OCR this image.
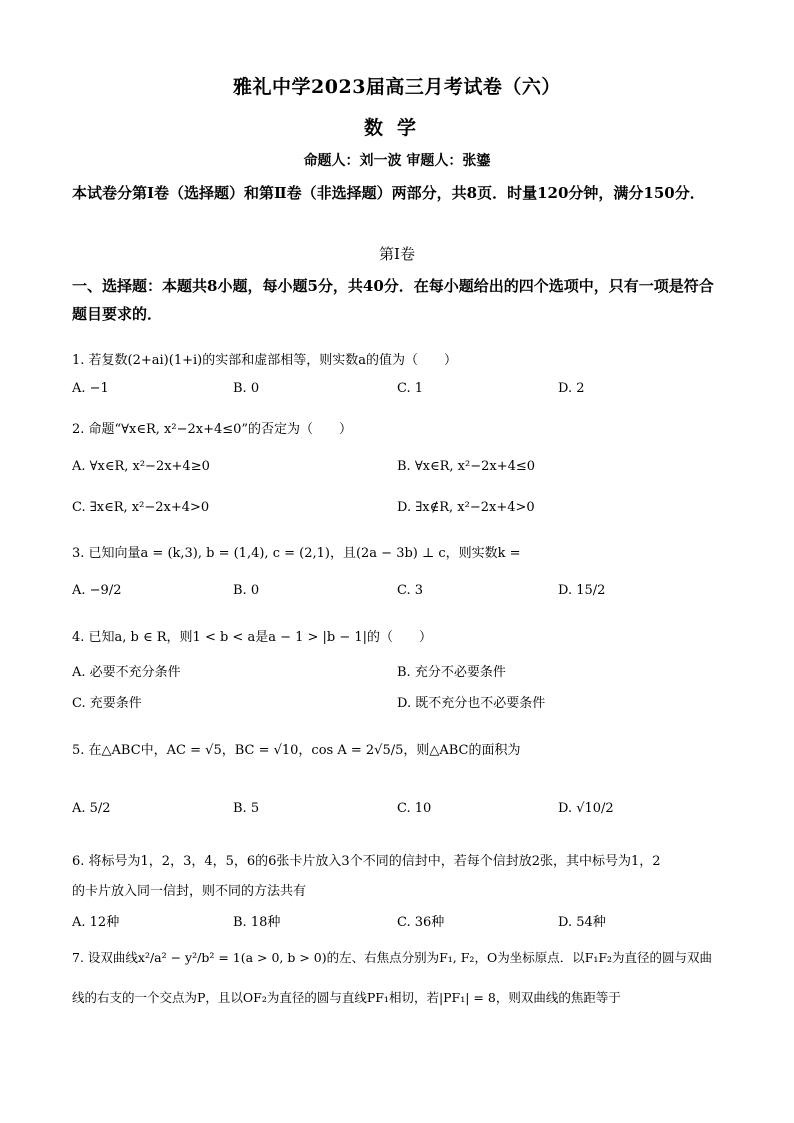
雅礼中学2023届高三月考试卷（六）
数学
命题人：刘一波 审题人：张鎏
本试卷分第Ⅰ卷（选择题）和第Ⅱ卷（非选择题）两部分，共8页．时量120分钟，满分150分．
第Ⅰ卷
一、选择题：本题共8小题，每小题5分，共40分．在每小题给出的四个选项中，只有一项是符合题目要求的．
1. 若复数(2+ai)(1+i)的实部和虚部相等，则实数a的值为（　　）
A. −1	B. 0	C. 1	D. 2
2. 命题“∀x∈R, x²−2x+4≤0”的否定为（　　）
A. ∀x∈R, x²−2x+4≥0	B. ∀x∈R, x²−2x+4≤0
C. ∃x∈R, x²−2x+4>0	D. ∃x∉R, x²−2x+4>0
3. 已知向量a = (k,3), b = (1,4), c = (2,1)，且(2a − 3b) ⊥ c，则实数k =
A. −9/2	B. 0	C. 3	D. 15/2
4. 已知a, b ∈ R，则1 < b < a是a − 1 > |b − 1|的（　　）
A. 必要不充分条件	B. 充分不必要条件
C. 充要条件	D. 既不充分也不必要条件
5. 在△ABC中，AC = √5，BC = √10，cos A = 2√5/5，则△ABC的面积为
A. 5/2	B. 5	C. 10	D. √10/2
6. 将标号为1，2，3，4，5，6的6张卡片放入3个不同的信封中，若每个信封放2张，其中标号为1，2
的卡片放入同一信封，则不同的方法共有
A. 12种	B. 18种	C. 36种	D. 54种
7. 设双曲线x²/a² − y²/b² = 1(a > 0, b > 0)的左、右焦点分别为F₁, F₂，O为坐标原点．以F₁F₂为直径的圆与双曲
线的右支的一个交点为P，且以OF₂为直径的圆与直线PF₁相切，若|PF₁| = 8，则双曲线的焦距等于
